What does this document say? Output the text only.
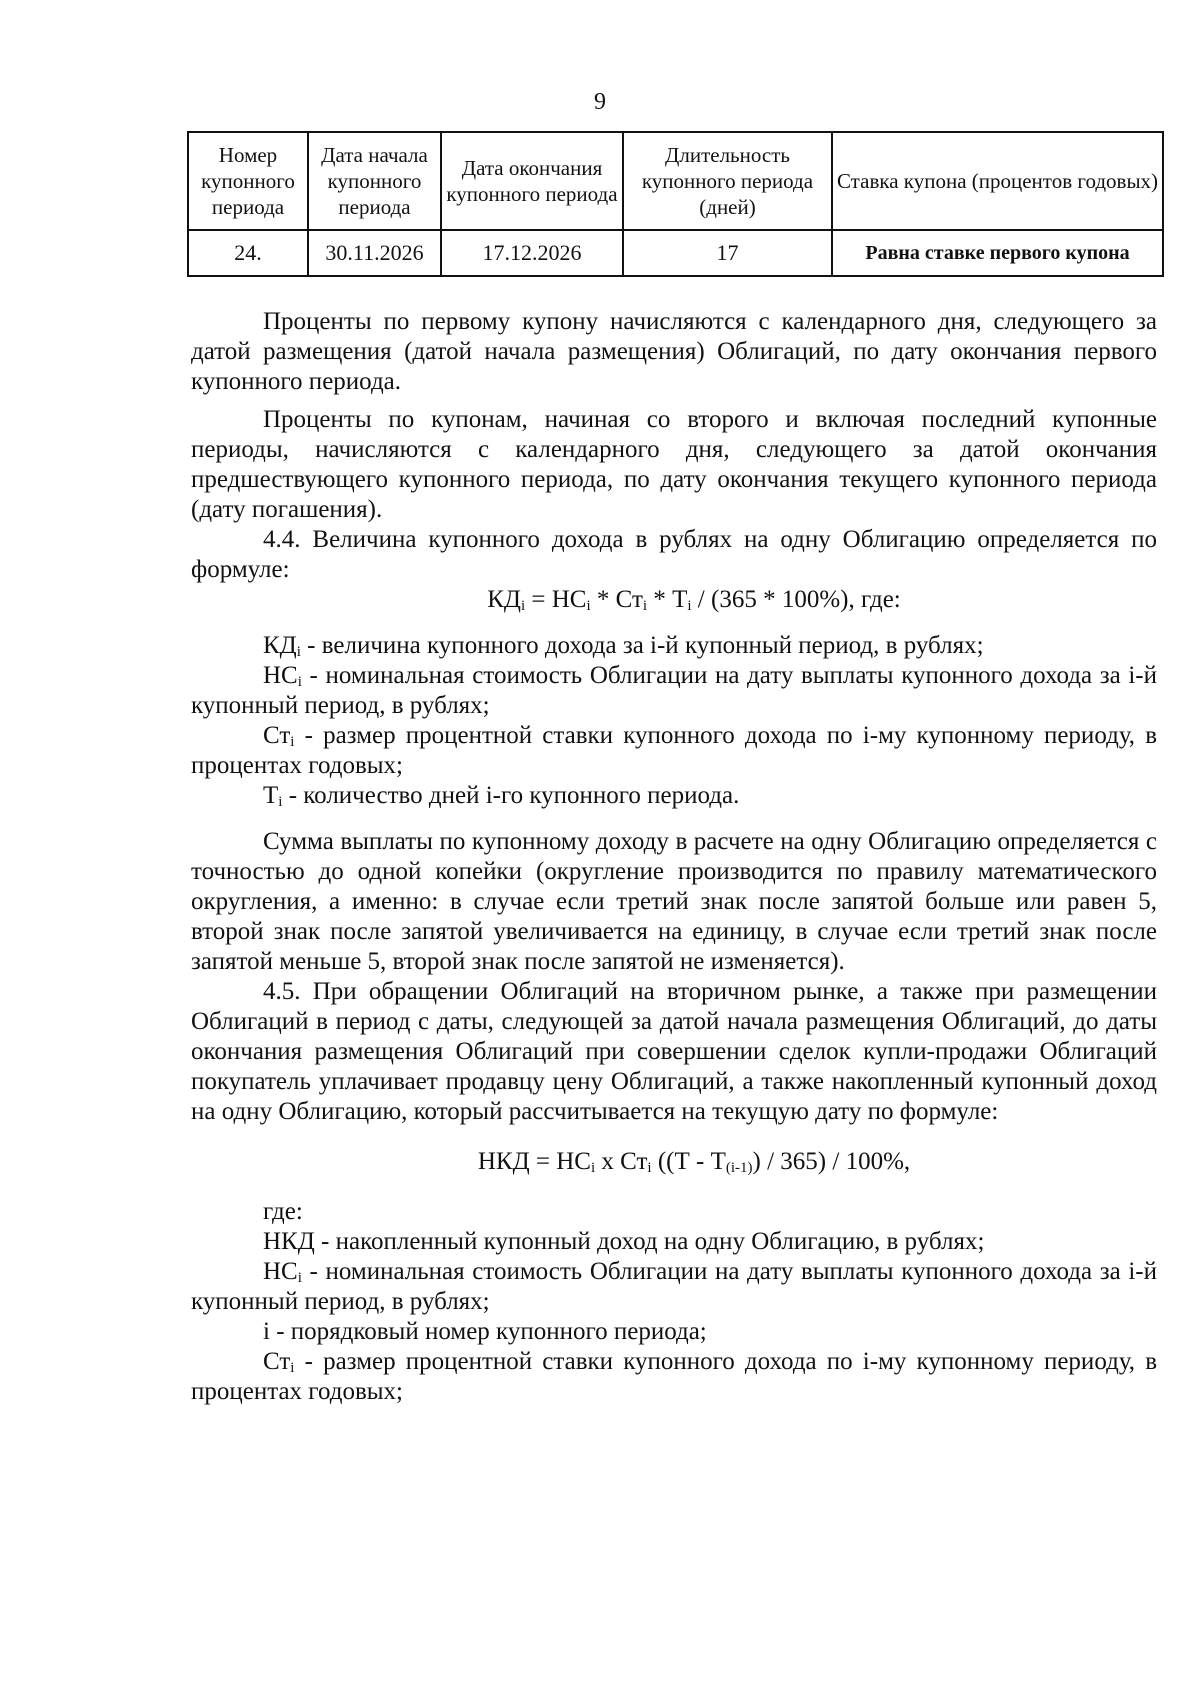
9
Номер купонного периода	Дата начала купонного периода	Дата окончания купонного периода	Длительность купонного периода (дней)	Ставка купона (процентов годовых)
24.	30.11.2026	17.12.2026	17	Равна ставке первого купона

Проценты по первому купону начисляются с календарного дня, следующего за датой размещения (датой начала размещения) Облигаций, по дату окончания первого купонного периода.

Проценты по купонам, начиная со второго и включая последний купонные периоды, начисляются с календарного дня, следующего за датой окончания предшествующего купонного периода, по дату окончания текущего купонного периода (дату погашения).

4.4. Величина купонного дохода в рублях на одну Облигацию определяется по формуле:

$КД_i = НС_i * Ст_i * Т_i / (365 * 100\%)$, где:

$КД_i$ - величина купонного дохода за i-й купонный период, в рублях;

$НС_i$ - номинальная стоимость Облигации на дату выплаты купонного дохода за i-й купонный период, в рублях;

$Ст_i$ - размер процентной ставки купонного дохода по i-му купонному периоду, в процентах годовых;

$Т_i$ - количество дней i-го купонного периода.

Сумма выплаты по купонному доходу в расчете на одну Облигацию определяется с точностью до одной копейки (округление производится по правилу математического округления, а именно: в случае если третий знак после запятой больше или равен 5, второй знак после запятой увеличивается на единицу, в случае если третий знак после запятой меньше 5, второй знак после запятой не изменяется).

4.5. При обращении Облигаций на вторичном рынке, а также при размещении Облигаций в период с даты, следующей за датой начала размещения Облигаций, до даты окончания размещения Облигаций при совершении сделок купли-продажи Облигаций покупатель уплачивает продавцу цену Облигаций, а также накопленный купонный доход на одну Облигацию, который рассчитывается на текущую дату по формуле:

НКД = $НС_i$ х $Ст_i$ $((Т - Т_{(i-1)}) / 365) / 100\%$,

где:

НКД - накопленный купонный доход на одну Облигацию, в рублях;

$НС_i$ - номинальная стоимость Облигации на дату выплаты купонного дохода за i-й купонный период, в рублях;

i - порядковый номер купонного периода;

$Ст_i$ - размер процентной ставки купонного дохода по i-му купонному периоду, в процентах годовых;
